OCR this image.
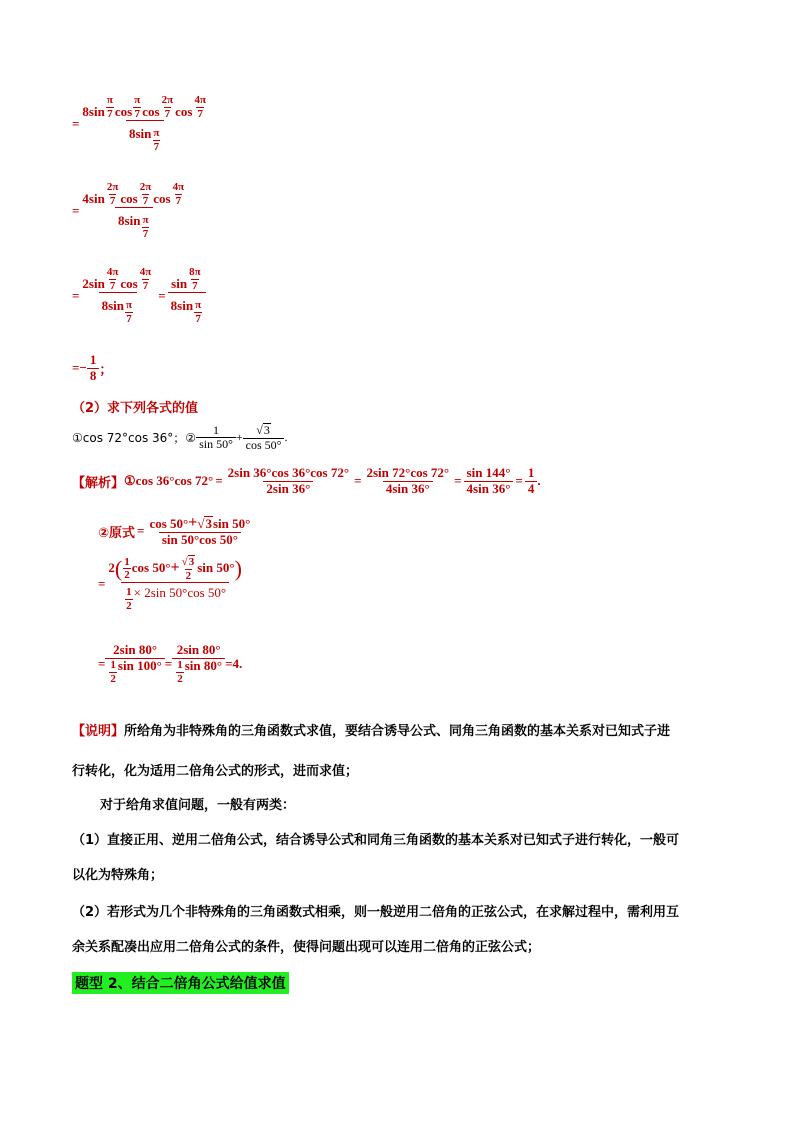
=
8sin
π
7 cos
π
7 cos
2π
7 cos
4π
7
8sin π
7
= 4sin
2π
7 cos
2π
7 cos
4π
7
8sin π
7
= 2sin
4π
7 cos
4π
7
8sin π
7 = sin
8π
7
8sin π
7
= − $\frac{1}{8}$ ；
（2）求下列各式的值
①cos 72°cos 36°；② $\frac{1}{\sin 50^\circ} + \frac{√ 3}{\cos 50^\circ}$ .
【解析】 ①cos 36°cos $72^\circ = \frac{2\sin 36^\circ\cos 36^\circ\cos 72^\circ}{2\sin 36^\circ} = \frac{2\sin 72^\circ\cos 72^\circ}{4\sin 36^\circ} = \frac{\sin 144^\circ}{4\sin 36^\circ} = \frac{1}{4}$ .
②原式 = $\frac{\cos 50^\circ + √ 3 \sin 50^\circ}{\sin 50^\circ\cos 50^\circ}$
=
2 ( 1
2 $\cos 50^\circ + \frac{√ 3}{2}$ sin 50° )
$\frac{1}{2} \times 2\sin$ 50°cos 50°
= 2sin 80°
1
2
sin 100° = 2sin 80°
1
2
sin 80° =4.
【说明】所给角为非特殊角的三角函数式求值，要结合诱导公式、同角三角函数的基本关系对已知式子进
行转化，化为适用二倍角公式的形式，进而求值；
对于给角求值问题，一般有两类：
（1）直接正用、逆用二倍角公式，结合诱导公式和同角三角函数的基本关系对已知式子进行转化，一般可
以化为特殊角；
（2）若形式为几个非特殊角的三角函数式相乘，则一般逆用二倍角的正弦公式，在求解过程中，需利用互
余关系配凑出应用二倍角公式的条件，使得问题出现可以连用二倍角的正弦公式；
题型 2、结合二倍角公式给值求值
